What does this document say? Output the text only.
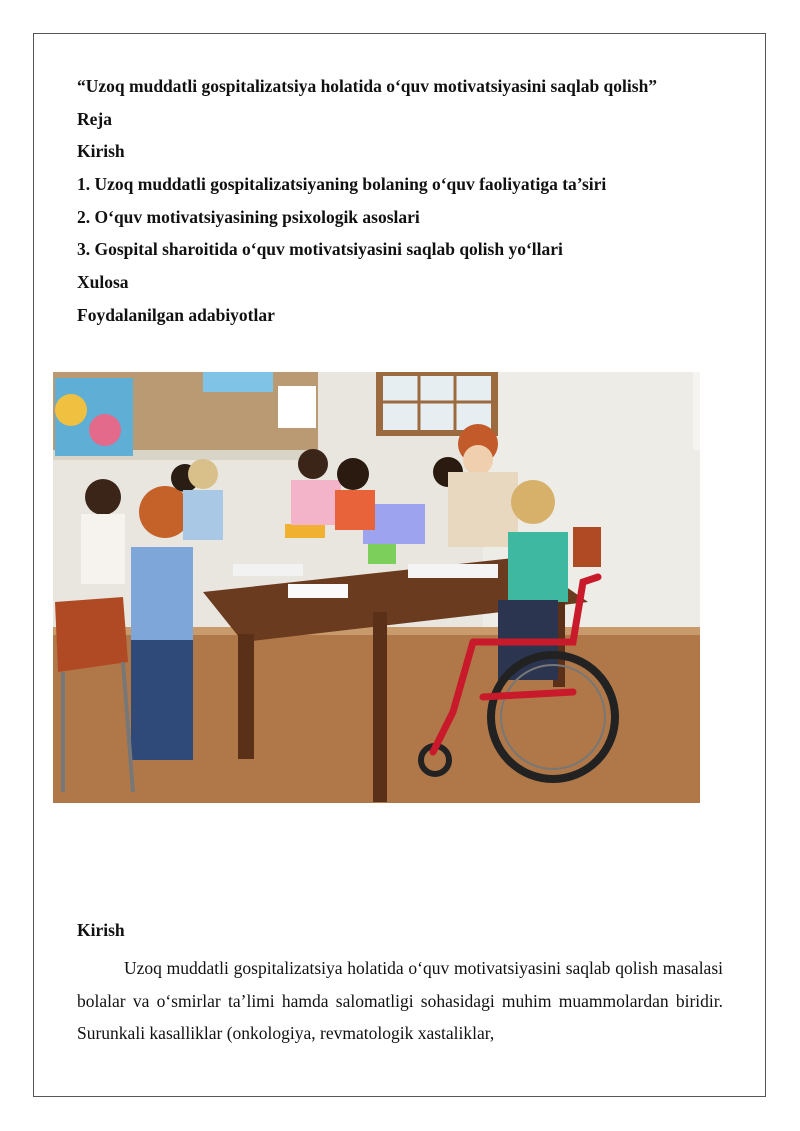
“Uzoq muddatli gospitalizatsiya holatida o‘quv motivatsiyasini saqlab qolish”
Reja
Kirish
1. Uzoq muddatli gospitalizatsiyaning bolaning o‘quv faoliyatiga ta’siri
2. O‘quv motivatsiyasining psixologik asoslari
3. Gospital sharoitida o‘quv motivatsiyasini saqlab qolish yo‘llari
Xulosa
Foydalanilgan adabiyotlar
Kirish

Uzoq muddatli gospitalizatsiya holatida o‘quv motivatsiyasini saqlab qolish masalasi bolalar va o‘smirlar ta’limi hamda salomatligi sohasidagi muhim muammolardan biridir. Surunkali kasalliklar (onkologiya, revmatologik xastaliklar,
